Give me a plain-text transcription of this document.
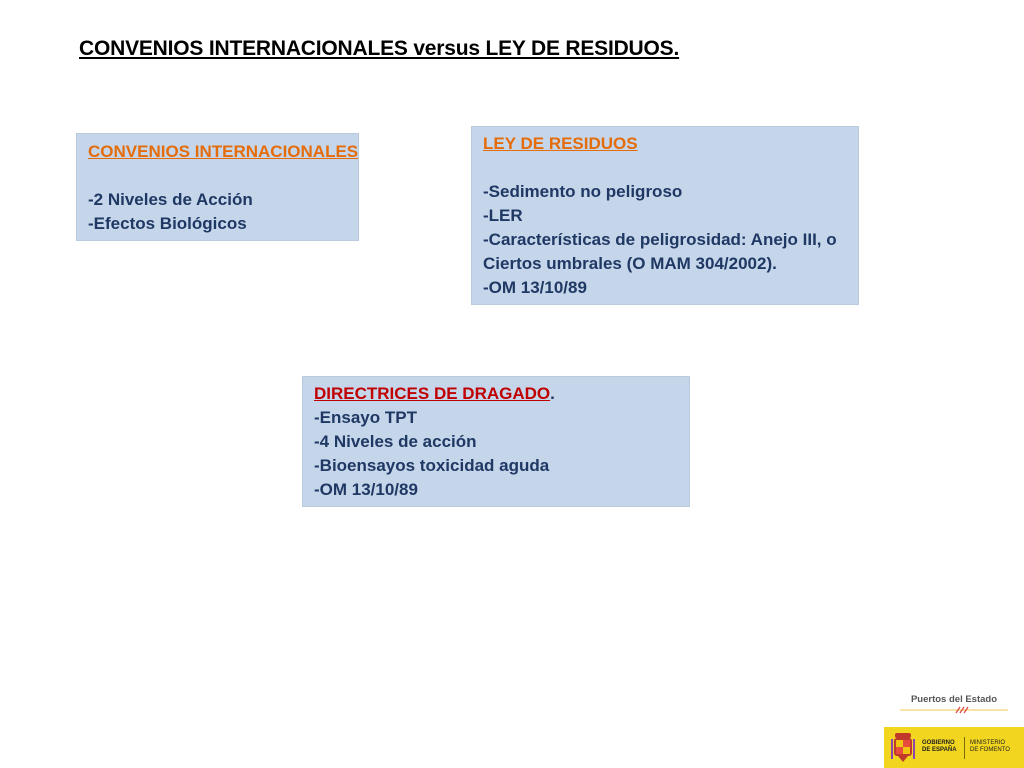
CONVENIOS INTERNACIONALES versus LEY DE RESIDUOS.
CONVENIOS INTERNACIONALES
-2 Niveles de Acción
-Efectos Biológicos
LEY DE RESIDUOS
-Sedimento no peligroso
-LER
-Características de peligrosidad: Anejo III, o
Ciertos umbrales (O MAM 304/2002).
-OM 13/10/89
DIRECTRICES DE DRAGADO.
-Ensayo TPT
-4 Niveles de acción
-Bioensayos toxicidad aguda
-OM 13/10/89
Puertos del Estado
GOBIERNO
DE ESPAÑA
MINISTERIO
DE FOMENTO
